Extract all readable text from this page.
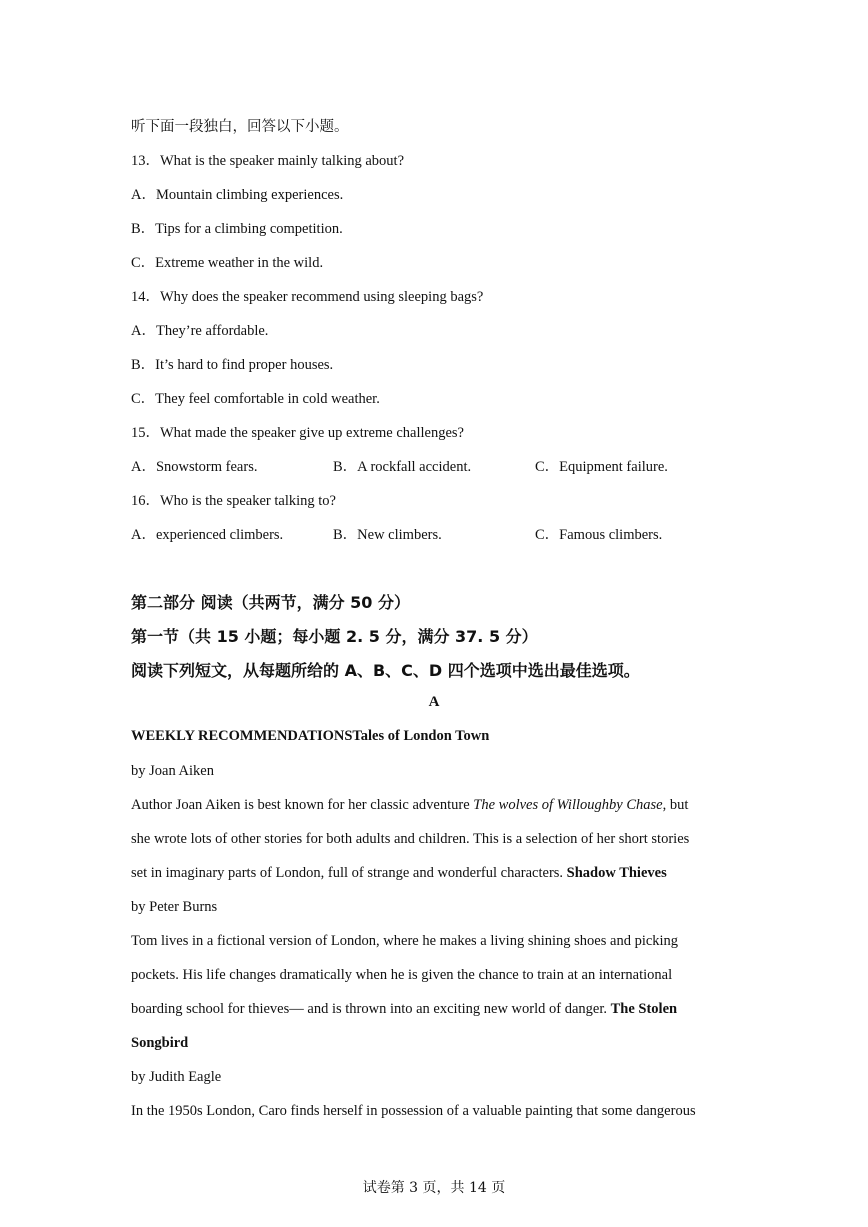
听下面一段独白，回答以下小题。
13．What is the speaker mainly talking about?
A．Mountain climbing experiences.
B．Tips for a climbing competition.
C．Extreme weather in the wild.
14．Why does the speaker recommend using sleeping bags?
A．They’re affordable.
B．It’s hard to find proper houses.
C．They feel comfortable in cold weather.
15．What made the speaker give up extreme challenges?
A．Snowstorm fears.	B．A rockfall accident.	C．Equipment failure.
16．Who is the speaker talking to?
A．experienced climbers.	B．New climbers.	C．Famous climbers.
第二部分 阅读（共两节，满分 50 分）
第一节（共 15 小题；每小题 2. 5 分，满分 37. 5 分）
阅读下列短文，从每题所给的 A、B、C、D 四个选项中选出最佳选项。
A
WEEKLY RECOMMENDATIONSTales of London Town

by Joan Aiken

Author Joan Aiken is best known for her classic adventure The wolves of Willoughby Chase, but

she wrote lots of other stories for both adults and children. This is a selection of her short stories

set in imaginary parts of London, full of strange and wonderful characters. Shadow Thieves

by Peter Burns

Tom lives in a fictional version of London, where he makes a living shining shoes and picking

pockets. His life changes dramatically when he is given the chance to train at an international

boarding school for thieves— and is thrown into an exciting new world of danger. The Stolen

Songbird

by Judith Eagle

In the 1950s London, Caro finds herself in possession of a valuable painting that some dangerous

试卷第 3 页，共 14 页
